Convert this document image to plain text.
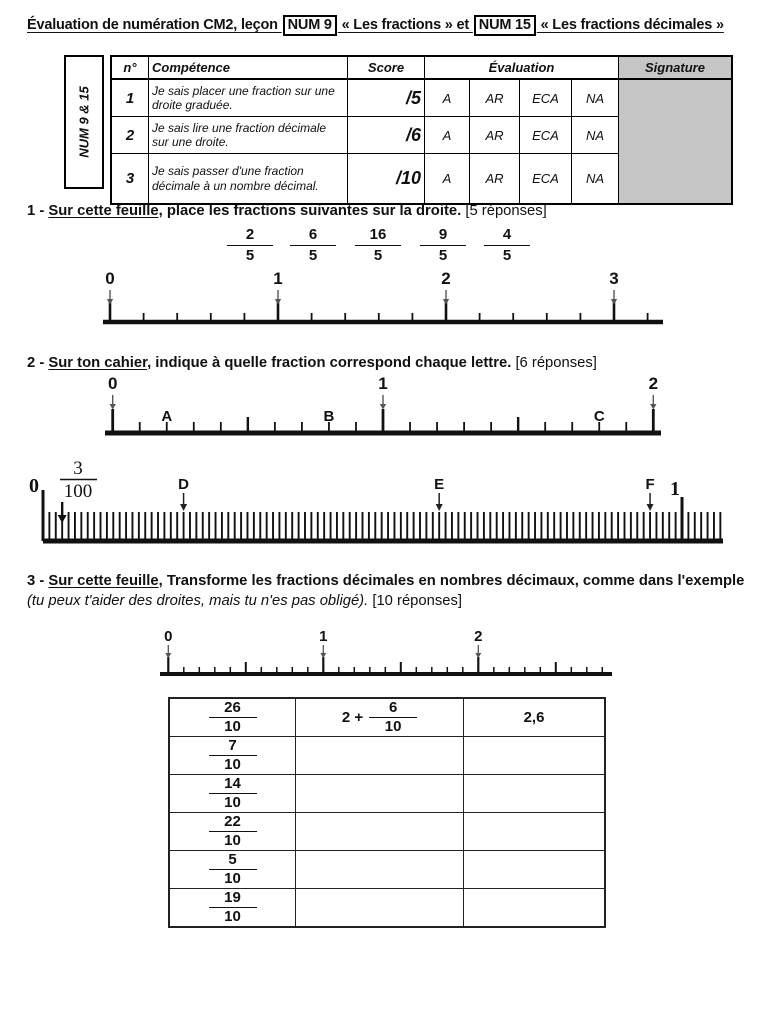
Évaluation de numération CM2, leçon NUM 9 « Les fractions » et NUM 15 « Les fractions décimales »
NUM 9 & 15
n°	Compétence	Score	Évaluation				Signature
1	Je sais placer une fraction sur une droite graduée.	/5	A	AR	ECA	NA	
2	Je sais lire une fraction décimale sur une droite.	/6	A	AR	ECA	NA	
3	Je sais passer d'une fraction décimale à un nombre décimal.	/10	A	AR	ECA	NA	
1 - Sur cette feuille, place les fractions suivantes sur la droite. [5 réponses]
2
5
6
5
16
5
9
5
4
5
0	1	2	3
2 - Sur ton cahier, indique à quelle fraction correspond chaque lettre. [6 réponses]
0	1	2
A	B	C
0	1
3
100	D	E	F
3 - Sur cette feuille, Transforme les fractions décimales en nombres décimaux, comme dans l'exemple (tu peux t'aider des droites, mais tu n'es pas obligé). [10 réponses]
0	1	2
$\frac{26}{10}$	$2 + \frac{6}{10}$	2,6

$\frac{7}{10}$

$\frac{14}{10}$

$\frac{22}{10}$

$\frac{5}{10}$

$\frac{19}{10}$
